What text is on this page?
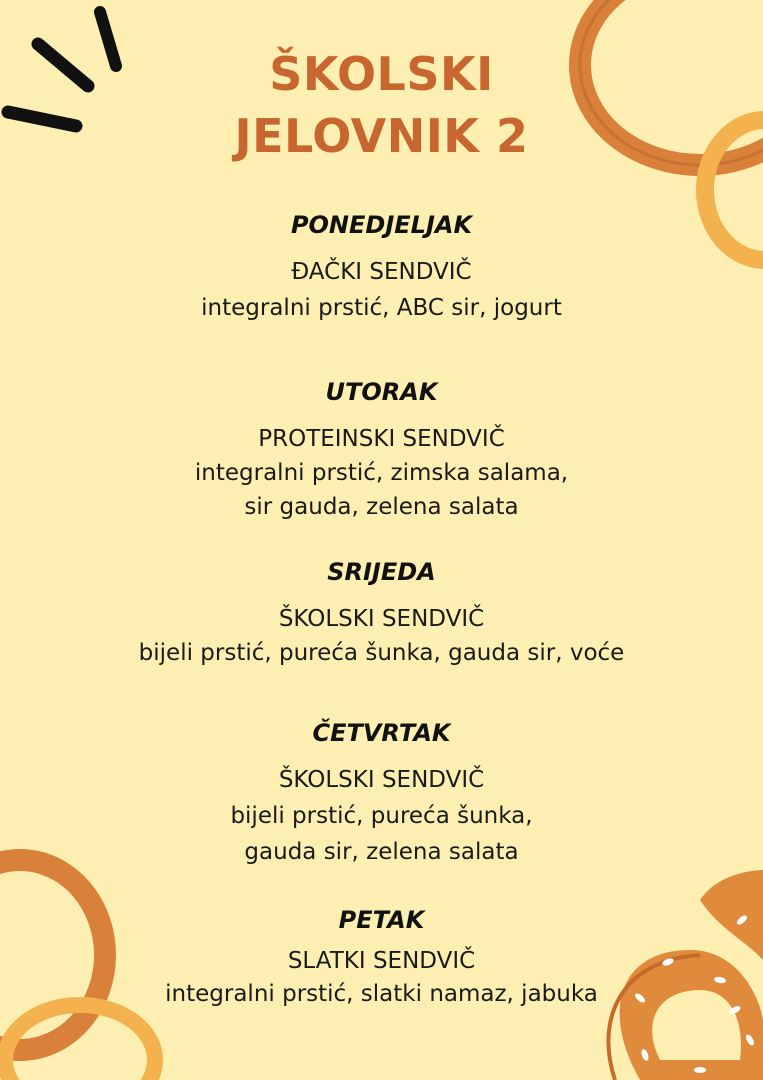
ŠKOLSKI
JELOVNIK 2
PONEDJELJAK
ĐAČKI SENDVIČ
integralni prstić, ABC sir, jogurt
UTORAK
PROTEINSKI SENDVIČ
integralni prstić, zimska salama,
sir gauda, zelena salata
SRIJEDA
ŠKOLSKI SENDVIČ
bijeli prstić, pureća šunka, gauda sir, voće
ČETVRTAK
ŠKOLSKI SENDVIČ
bijeli prstić, pureća šunka,
gauda sir, zelena salata
PETAK
SLATKI SENDVIČ
integralni prstić, slatki namaz, jabuka
